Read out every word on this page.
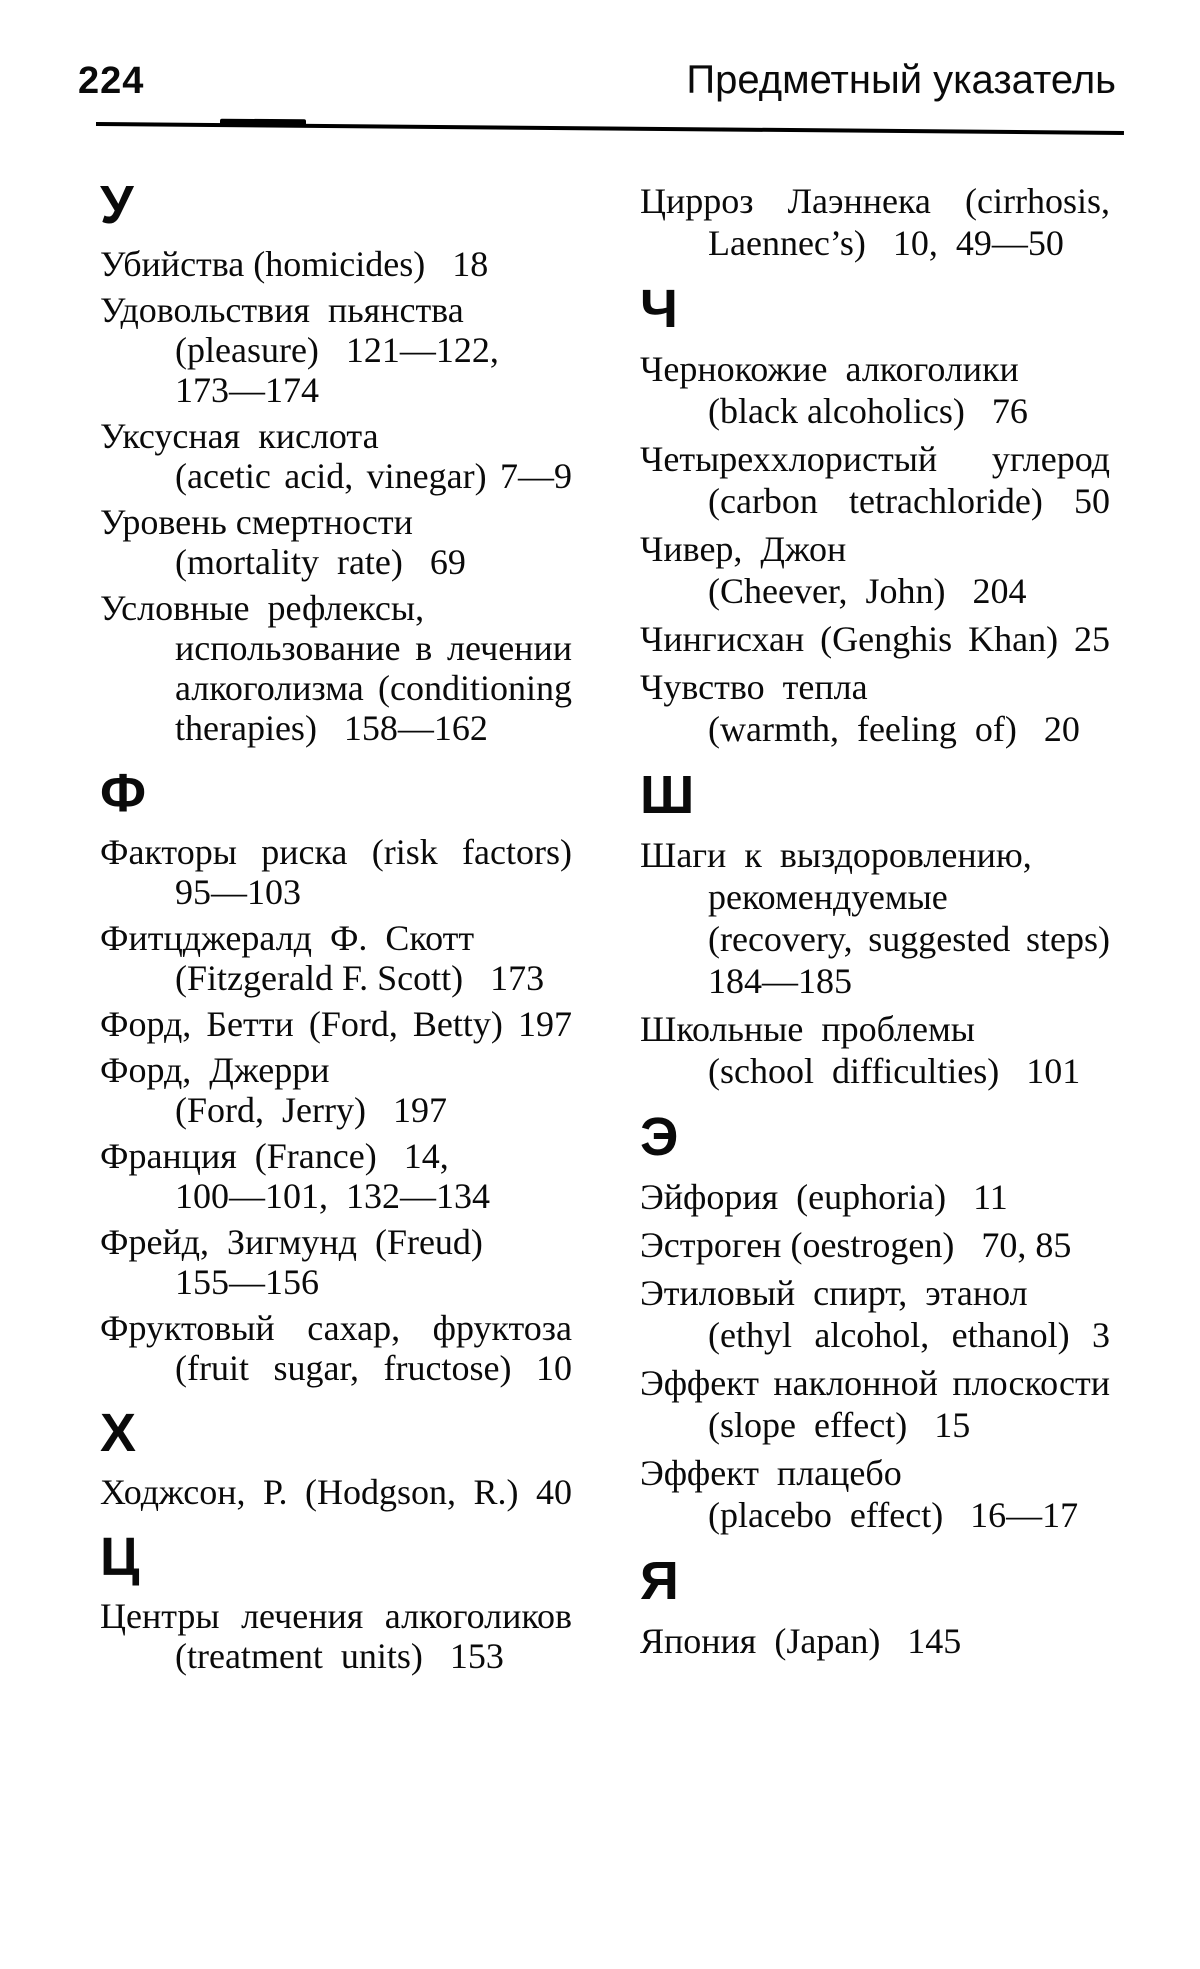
224	Предметный указатель
У
Убийства (homicides)   18
Удовольствия  пьянства
(pleasure)   121—122,
173—174
Уксусная  кислота
(acetic acid, vinegar) 7—9
Уровень смертности
(mortality  rate)   69
Условные  рефлексы,
использование в лечении
алкоголизма (conditioning
therapies)   158—162
Ф
Факторы риска (risk factors)
95—103
Фитцджералд  Ф.  Скотт
(Fitzgerald F. Scott)   173
Форд, Бетти (Ford, Betty) 197
Форд,  Джерри
(Ford,  Jerry)   197
Франция  (France)   14,
100—101,  132—134
Фрейд,  Зигмунд  (Freud)
155—156
Фруктовый сахар, фруктоза
(fruit sugar, fructose) 10
Х
Ходжсон, Р. (Hodgson, R.) 40
Ц
Центры лечения алкоголиков
(treatment  units)   153
Цирроз Лаэннека (cirrhosis,
Laennec’s)   10,  49—50
Ч
Чернокожие  алкоголики
(black alcoholics)   76
Четыреххлористый углерод
(carbon tetrachloride) 50
Чивер,  Джон
(Cheever,  John)   204
Чингисхан (Genghis Khan) 25
Чувство  тепла
(warmth,  feeling  of)   20
Ш
Шаги  к  выздоровлению,
рекомендуемые
(recovery, suggested steps)
184—185
Школьные  проблемы
(school  difficulties)   101
Э
Эйфория  (euphoria)   11
Эстроген (oestrogen)   70, 85
Этиловый  спирт,  этанол
(ethyl alcohol, ethanol) 3
Эффект наклонной плоскости
(slope  effect)   15
Эффект  плацебо
(placebo  effect)   16—17
Я
Япония  (Japan)   145
